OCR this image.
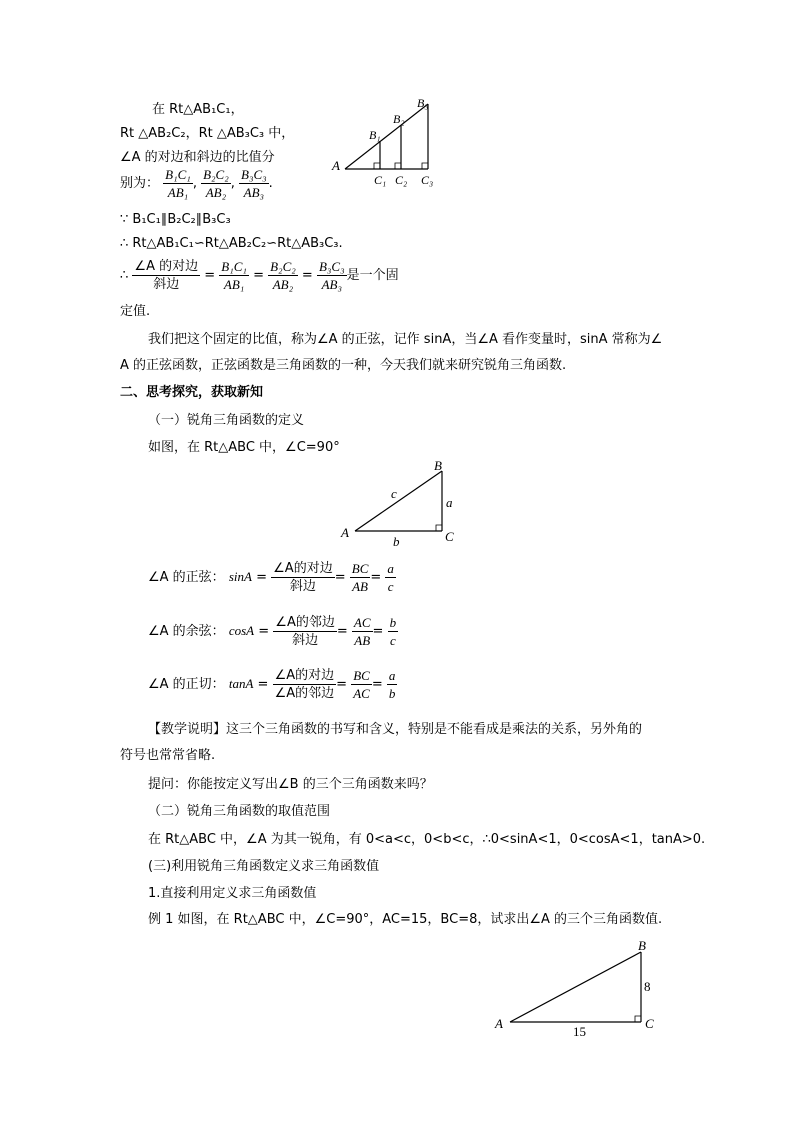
在 Rt△AB₁C₁，
Rt △AB₂C₂，Rt △AB₃C₃ 中，
∠A 的对边和斜边的比值分
别为： $\frac{\text{B₁C₁}}{\text{AB₁}}$ , $\frac{\text{B₂C₂}}{\text{AB₂}}$ , $\frac{\text{B₃C₃}}{\text{AB₃}}$ .
∵ B₁C₁∥B₂C₂∥B₃C₃
∴ Rt△AB₁C₁∽Rt△AB₂C₂∽Rt△AB₃C₃.
∴ $\frac{\text{∠A 的对边}}{\text{斜边}} = \frac{\text{B₁C₁}}{\text{AB₁}} = \frac{\text{B₂C₂}}{\text{AB₂}} = \frac{\text{B₃C₃}}{\text{AB₃}}$ 是一个固
定值.
A
B₁
B₂
B₃
C₁ C₂ C₃
我们把这个固定的比值，称为∠A 的正弦，记作 sinA，当∠A 看作变量时，sinA 常称为∠
A 的正弦函数，正弦函数是三角函数的一种，今天我们就来研究锐角三角函数.
二、思考探究，获取新知
（一）锐角三角函数的定义
如图，在 Rt△ABC 中，∠C=90°
A
B
C
a
b
c
∠A 的正弦： $\sin A = \frac{\text{∠A的对边}}{\text{斜边}} = \frac{BC}{AB} = \frac{a}{c}$
∠A 的余弦： $\cos A = \frac{\text{∠A的邻边}}{\text{斜边}} = \frac{AC}{AB} = \frac{b}{c}$
∠A 的正切： $\tan A = \frac{\text{∠A的对边}}{\text{∠A的邻边}} = \frac{BC}{AC} = \frac{a}{b}$
【教学说明】这三个三角函数的书写和含义，特别是不能看成是乘法的关系，另外角的
符号也常常省略.
提问：你能按定义写出∠B 的三个三角函数来吗？
（二）锐角三角函数的取值范围
在 Rt△ABC 中，∠A 为其一锐角，有 0<a<c，0<b<c，∴0<sinA<1，0<cosA<1，tanA>0.
(三)利用锐角三角函数定义求三角函数值
1.直接利用定义求三角函数值
例 1 如图，在 Rt△ABC 中，∠C=90°，AC=15，BC=8，试求出∠A 的三个三角函数值.
A
B
C
8
15
